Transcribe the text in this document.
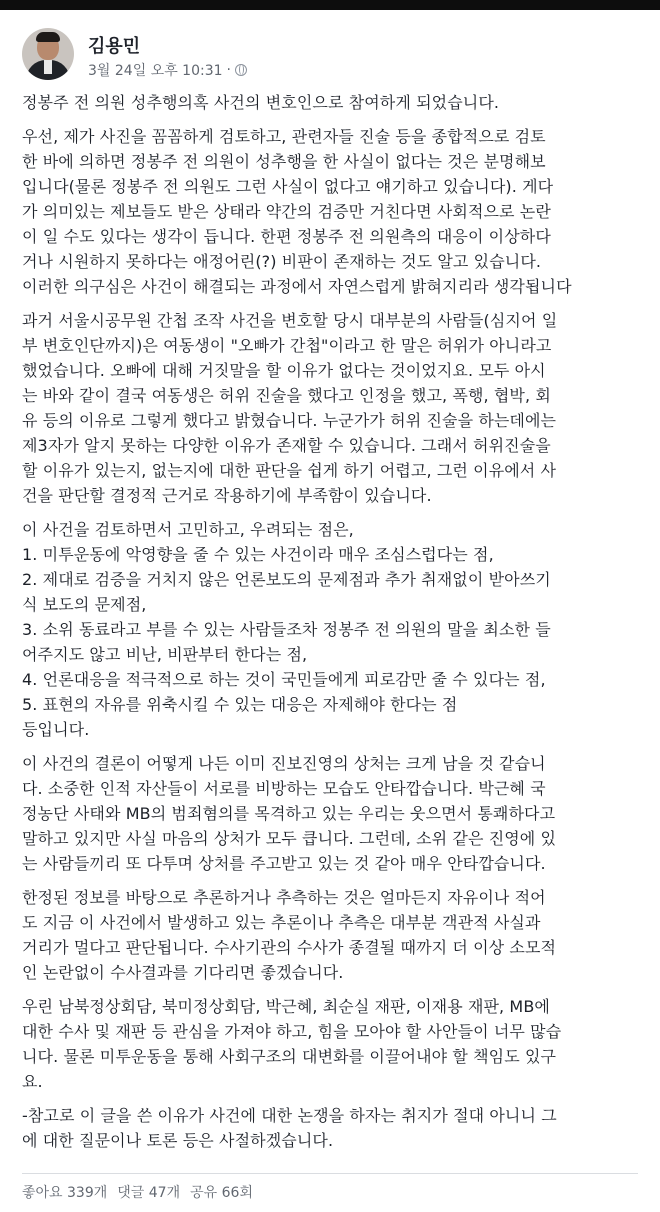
김용민
3월 24일 오후 10:31 ·

정봉주 전 의원 성추행의혹 사건의 변호인으로 참여하게 되었습니다.

우선, 제가 사진을 꼼꼼하게 검토하고, 관련자들 진술 등을 종합적으로 검토
한 바에 의하면 정봉주 전 의원이 성추행을 한 사실이 없다는 것은 분명해보
입니다(물론 정봉주 전 의원도 그런 사실이 없다고 얘기하고 있습니다). 게다
가 의미있는 제보들도 받은 상태라 약간의 검증만 거친다면 사회적으로 논란
이 일 수도 있다는 생각이 듭니다. 한편 정봉주 전 의원측의 대응이 이상하다
거나 시원하지 못하다는 애정어린(?) 비판이 존재하는 것도 알고 있습니다.
이러한 의구심은 사건이 해결되는 과정에서 자연스럽게 밝혀지리라 생각됩니다

과거 서울시공무원 간첩 조작 사건을 변호할 당시 대부분의 사람들(심지어 일
부 변호인단까지)은 여동생이 "오빠가 간첩"이라고 한 말은 허위가 아니라고
했었습니다. 오빠에 대해 거짓말을 할 이유가 없다는 것이었지요. 모두 아시
는 바와 같이 결국 여동생은 허위 진술을 했다고 인정을 했고, 폭행, 협박, 회
유 등의 이유로 그렇게 했다고 밝혔습니다. 누군가가 허위 진술을 하는데에는
제3자가 알지 못하는 다양한 이유가 존재할 수 있습니다. 그래서 허위진술을
할 이유가 있는지, 없는지에 대한 판단을 쉽게 하기 어렵고, 그런 이유에서 사
건을 판단할 결정적 근거로 작용하기에 부족함이 있습니다.

이 사건을 검토하면서 고민하고, 우려되는 점은,
1. 미투운동에 악영향을 줄 수 있는 사건이라 매우 조심스럽다는 점,
2. 제대로 검증을 거치지 않은 언론보도의 문제점과 추가 취재없이 받아쓰기
식 보도의 문제점,
3. 소위 동료라고 부를 수 있는 사람들조차 정봉주 전 의원의 말을 최소한 들
어주지도 않고 비난, 비판부터 한다는 점,
4. 언론대응을 적극적으로 하는 것이 국민들에게 피로감만 줄 수 있다는 점,
5. 표현의 자유를 위축시킬 수 있는 대응은 자제해야 한다는 점
등입니다.

이 사건의 결론이 어떻게 나든 이미 진보진영의 상처는 크게 남을 것 같습니
다. 소중한 인적 자산들이 서로를 비방하는 모습도 안타깝습니다. 박근혜 국
정농단 사태와 MB의 범죄혐의를 목격하고 있는 우리는 웃으면서 통쾌하다고
말하고 있지만 사실 마음의 상처가 모두 큽니다. 그런데, 소위 같은 진영에 있
는 사람들끼리 또 다투며 상처를 주고받고 있는 것 같아 매우 안타깝습니다.

한정된 정보를 바탕으로 추론하거나 추측하는 것은 얼마든지 자유이나 적어
도 지금 이 사건에서 발생하고 있는 추론이나 추측은 대부분 객관적 사실과
거리가 멀다고 판단됩니다. 수사기관의 수사가 종결될 때까지 더 이상 소모적
인 논란없이 수사결과를 기다리면 좋겠습니다.

우린 남북정상회담, 북미정상회담, 박근혜, 최순실 재판, 이재용 재판, MB에
대한 수사 및 재판 등 관심을 가져야 하고, 힘을 모아야 할 사안들이 너무 많습
니다. 물론 미투운동을 통해 사회구조의 대변화를 이끌어내야 할 책임도 있구
요.

-참고로 이 글을 쓴 이유가 사건에 대한 논쟁을 하자는 취지가 절대 아니니 그
에 대한 질문이나 토론 등은 사절하겠습니다.

좋아요 339개 댓글 47개 공유 66회
